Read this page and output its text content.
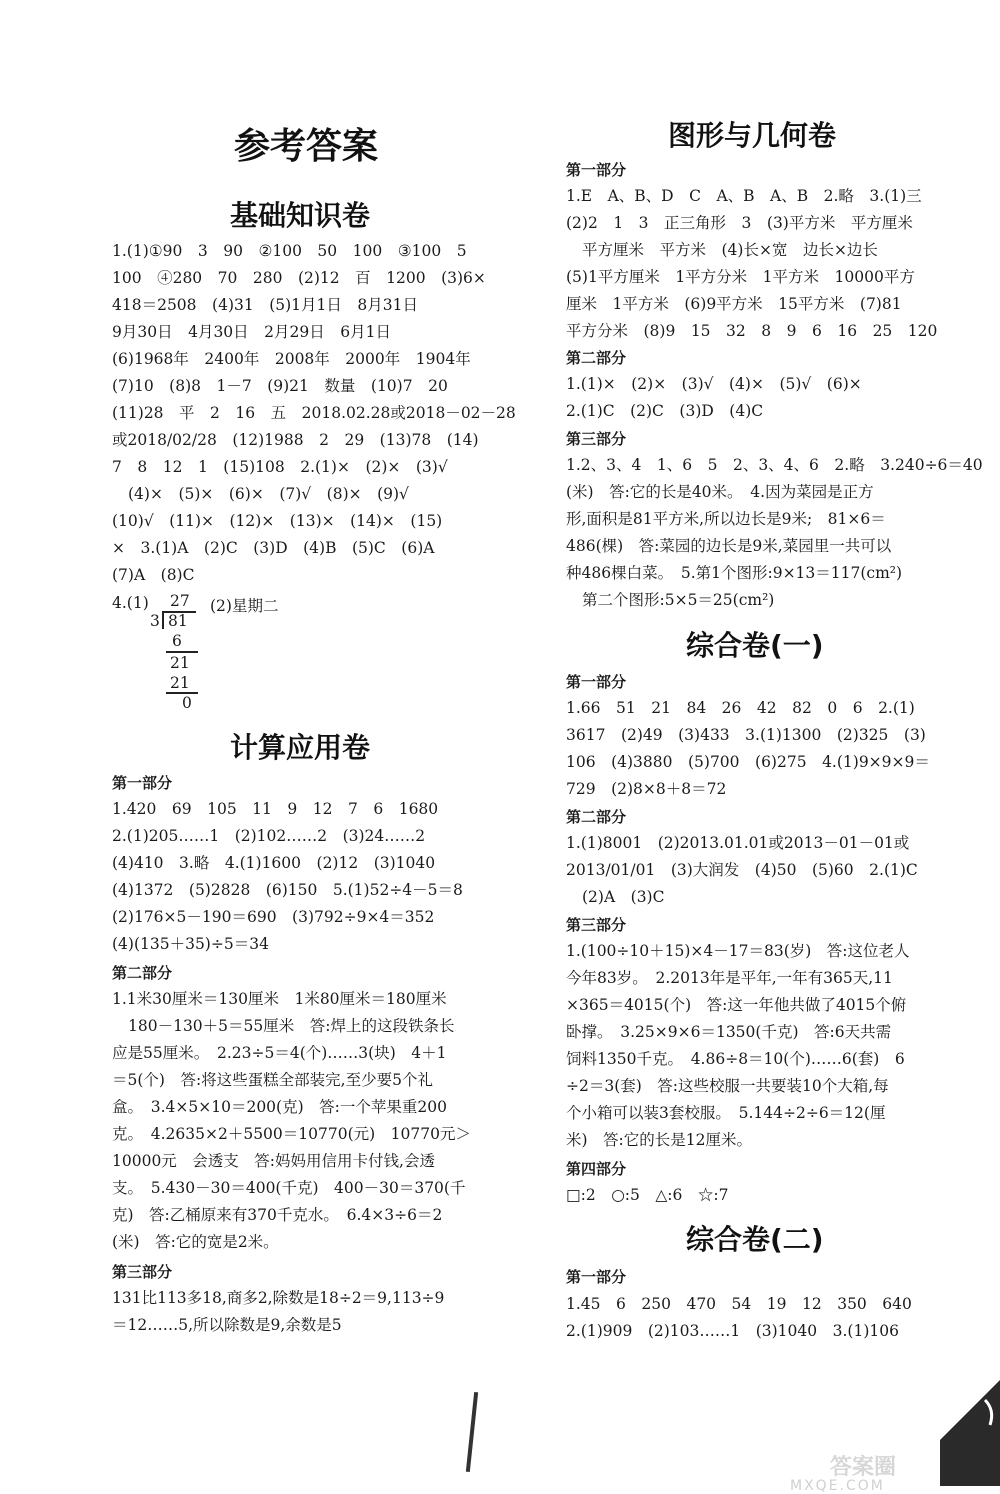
参考答案
基础知识卷
1.(1)①90　3　90　②100　50　100　③100　5
100　④280　70　280　(2)12　百　1200　(3)6×
418＝2508　(4)31　(5)1月1日　8月31日
9月30日　4月30日　2月29日　6月1日
(6)1968年　2400年　2008年　2000年　1904年
(7)10　(8)8　1－7　(9)21　数量　(10)7　20
(11)28　平　2　16　五　2018.02.28或2018－02－28
或2018/02/28　(12)1988　2　29　(13)78　(14)
7　8　12　1　(15)108　2.(1)×　(2)×　(3)√
(4)×　(5)×　(6)×　(7)√　(8)×　(9)√
(10)√　(11)×　(12)×　(13)×　(14)×　(15)
×　3.(1)A　(2)C　(3)D　(4)B　(5)C　(6)A
(7)A　(8)C
计算应用卷
第一部分
1.420　69　105　11　9　12　7　6　1680
2.(1)205……1　(2)102……2　(3)24……2
(4)410　3.略　4.(1)1600　(2)12　(3)1040
(4)1372　(5)2828　(6)150　5.(1)52÷4－5＝8
(2)176×5－190＝690　(3)792÷9×4＝352
(4)(135＋35)÷5＝34
第二部分
1.1米30厘米＝130厘米　1米80厘米＝180厘米
180－130＋5＝55厘米　答:焊上的这段铁条长
应是55厘米。　2.23÷5＝4(个)……3(块)　4＋1
＝5(个)　答:将这些蛋糕全部装完,至少要5个礼
盒。　3.4×5×10＝200(克)　答:一个苹果重200
克。　4.2635×2＋5500＝10770(元)　10770元＞
10000元　会透支　答:妈妈用信用卡付钱,会透
支。　5.430－30＝400(千克)　400－30＝370(千
克)　答:乙桶原来有370千克水。　6.4×3÷6＝2
(米)　答:它的宽是2米。
第三部分
131比113多18,商多2,除数是18÷2＝9,113÷9
＝12……5,所以除数是9,余数是5
4.(1)	(2)星期二
27
3 81
6
21
21
0
图形与几何卷
第一部分
1.E　A、B、D　C　A、B　A、B　2.略　3.(1)三
(2)2　1　3　正三角形　3　(3)平方米　平方厘米
平方厘米　平方米　(4)长×宽　边长×边长
(5)1平方厘米　1平方分米　1平方米　10000平方
厘米　1平方米　(6)9平方米　15平方米　(7)81
平方分米　(8)9　15　32　8　9　6　16　25　120
第二部分
1.(1)×　(2)×　(3)√　(4)×　(5)√　(6)×
2.(1)C　(2)C　(3)D　(4)C
第三部分
1.2、3、4　1、6　5　2、3、4、6　2.略　3.240÷6＝40
(米)　答:它的长是40米。　4.因为菜园是正方
形,面积是81平方米,所以边长是9米;　81×6＝
486(棵)　答:菜园的边长是9米,菜园里一共可以
种486棵白菜。　5.第1个图形:9×13＝117(cm²)
第二个图形:5×5＝25(cm²)
综合卷(一)
第一部分
1.66　51　21　84　26　42　82　0　6　2.(1)
3617　(2)49　(3)433　3.(1)1300　(2)325　(3)
106　(4)3880　(5)700　(6)275　4.(1)9×9×9＝
729　(2)8×8＋8＝72
第二部分
1.(1)8001　(2)2013.01.01或2013－01－01或
2013/01/01　(3)大润发　(4)50　(5)60　2.(1)C
(2)A　(3)C
第三部分
1.(100÷10＋15)×4－17＝83(岁)　答:这位老人
今年83岁。　2.2013年是平年,一年有365天,11
×365＝4015(个)　答:这一年他共做了4015个俯
卧撑。　3.25×9×6＝1350(千克)　答:6天共需
饲料1350千克。　4.86÷8＝10(个)……6(套)　6
÷2＝3(套)　答:这些校服一共要装10个大箱,每
个小箱可以装3套校服。　5.144÷2÷6＝12(厘
米)　答:它的长是12厘米。
第四部分
□:2　○:5　△:6　☆:7
综合卷(二)
第一部分
1.45　6　250　470　54　19　12　350　640
2.(1)909　(2)103……1　(3)1040　3.(1)106
答案圈
MXQE.COM
